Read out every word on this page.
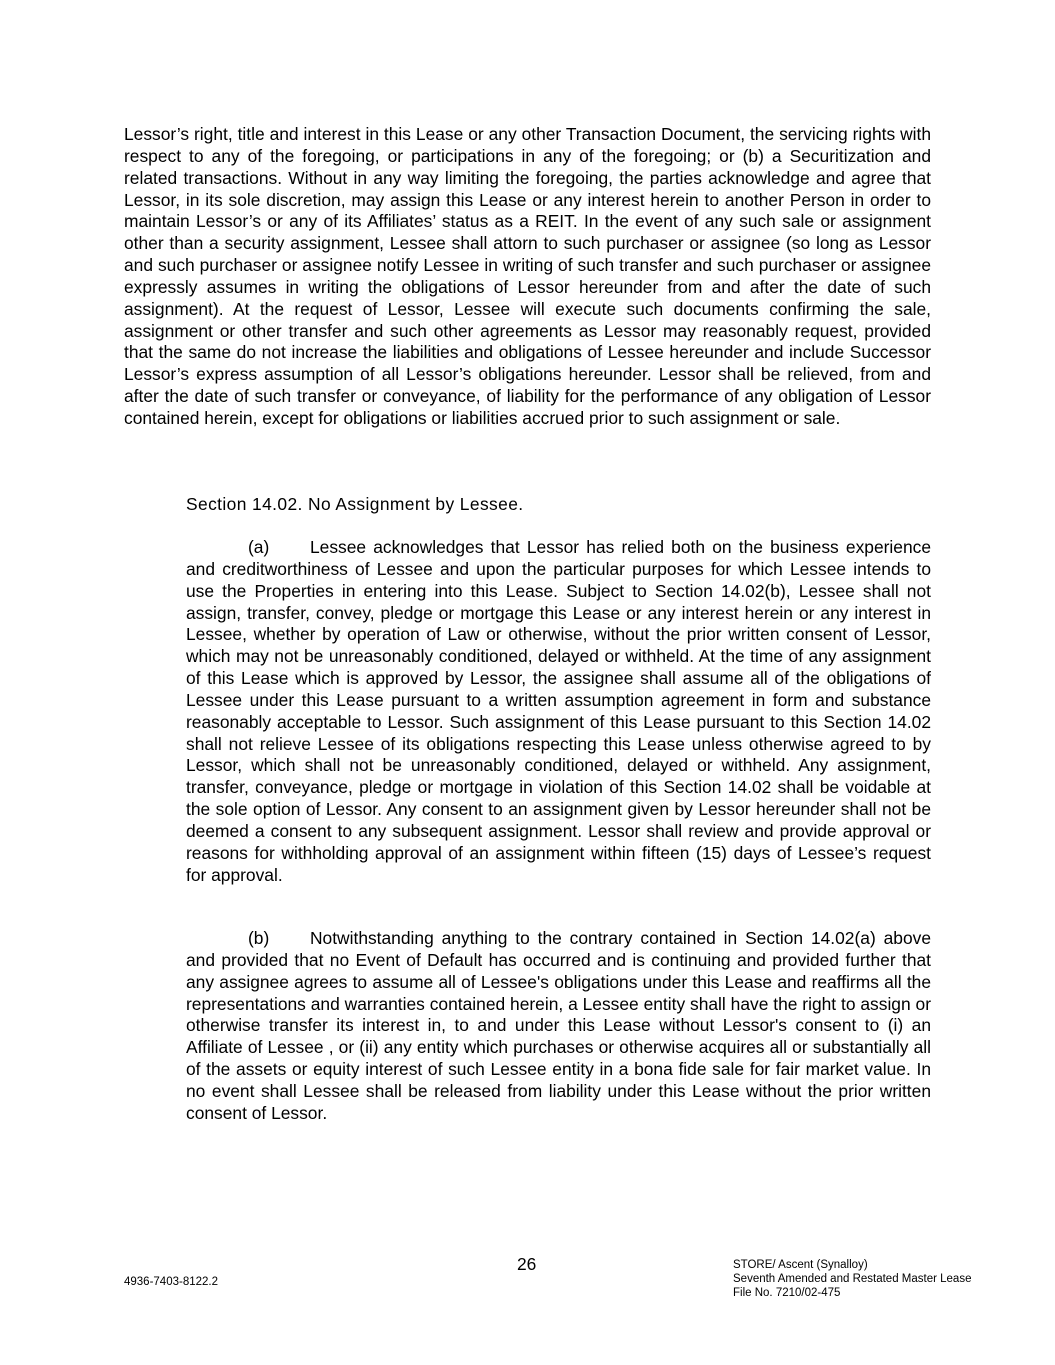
Lessor’s right, title and interest in this Lease or any other Transaction Document, the servicing rights with respect to any of the foregoing, or participations in any of the foregoing; or (b) a Securitization and related transactions. Without in any way limiting the foregoing, the parties acknowledge and agree that Lessor, in its sole discretion, may assign this Lease or any interest herein to another Person in order to maintain Lessor’s or any of its Affiliates’ status as a REIT. In the event of any such sale or assignment other than a security assignment, Lessee shall attorn to such purchaser or assignee (so long as Lessor and such purchaser or assignee notify Lessee in writing of such transfer and such purchaser or assignee expressly assumes in writing the obligations of Lessor hereunder from and after the date of such assignment). At the request of Lessor, Lessee will execute such documents confirming the sale, assignment or other transfer and such other agreements as Lessor may reasonably request, provided that the same do not increase the liabilities and obligations of Lessee hereunder and include Successor Lessor’s express assumption of all Lessor’s obligations hereunder. Lessor shall be relieved, from and after the date of such transfer or conveyance, of liability for the performance of any obligation of Lessor contained herein, except for obligations or liabilities accrued prior to such assignment or sale.

Section 14.02. No Assignment by Lessee.

(a) Lessee acknowledges that Lessor has relied both on the business experience and creditworthiness of Lessee and upon the particular purposes for which Lessee intends to use the Properties in entering into this Lease. Subject to Section 14.02(b), Lessee shall not assign, transfer, convey, pledge or mortgage this Lease or any interest herein or any interest in Lessee, whether by operation of Law or otherwise, without the prior written consent of Lessor, which may not be unreasonably conditioned, delayed or withheld. At the time of any assignment of this Lease which is approved by Lessor, the assignee shall assume all of the obligations of Lessee under this Lease pursuant to a written assumption agreement in form and substance reasonably acceptable to Lessor. Such assignment of this Lease pursuant to this Section 14.02 shall not relieve Lessee of its obligations respecting this Lease unless otherwise agreed to by Lessor, which shall not be unreasonably conditioned, delayed or withheld. Any assignment, transfer, conveyance, pledge or mortgage in violation of this Section 14.02 shall be voidable at the sole option of Lessor. Any consent to an assignment given by Lessor hereunder shall not be deemed a consent to any subsequent assignment. Lessor shall review and provide approval or reasons for withholding approval of an assignment within fifteen (15) days of Lessee’s request for approval.

(b) Notwithstanding anything to the contrary contained in Section 14.02(a) above and provided that no Event of Default has occurred and is continuing and provided further that any assignee agrees to assume all of Lessee's obligations under this Lease and reaffirms all the representations and warranties contained herein, a Lessee entity shall have the right to assign or otherwise transfer its interest in, to and under this Lease without Lessor's consent to (i) an Affiliate of Lessee , or (ii) any entity which purchases or otherwise acquires all or substantially all of the assets or equity interest of such Lessee entity in a bona fide sale for fair market value. In no event shall Lessee shall be released from liability under this Lease without the prior written consent of Lessor.

4936-7403-8122.2
26	STORE/ Ascent (Synalloy)
Seventh Amended and Restated Master Lease
File No. 7210/02-475
